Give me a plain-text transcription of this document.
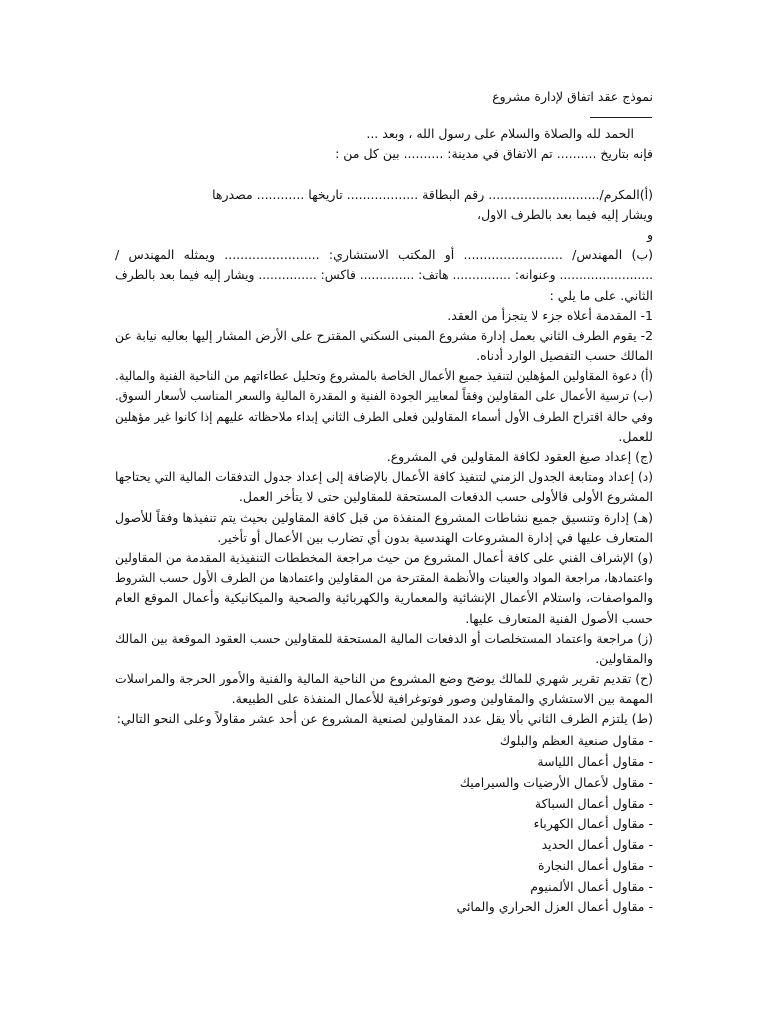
نموذج عقد اتفاق لإدارة مشروع
الحمد لله والصلاة والسلام على رسول الله ، وبعد ...
فإنه بتاريخ .......... تم الاتفاق في مدينة: .......... بين كل من :
(أ)المكرم/............................ رقم البطاقة .................. تاريخها ............ مصدرها
ويشار إليه فيما بعد بالطرف الاول،
و
(ب) المهندس/ ......................... أو المكتب الاستشاري: ........................ ويمثله المهندس /
........................ وعنوانه: ............... هاتف: .............. فاكس: ............... ويشار إليه فيما بعد بالطرف
الثاني. على ما يلي :
1- المقدمة أعلاه جزء لا يتجزأ من العقد.
2- يقوم الطرف الثاني بعمل إدارة مشروع المبنى السكني المقترح على الأرض المشار إليها بعاليه نيابة عن
المالك حسب التفصيل الوارد أدناه.
(أ) دعوة المقاولين المؤهلين لتنفيذ جميع الأعمال الخاصة بالمشروع وتحليل عطاءاتهم من الناحية الفنية والمالية.
(ب) ترسية الأعمال على المقاولين وفقاً لمعايير الجودة الفنية و المقدرة المالية والسعر المناسب لأسعار السوق.
وفي حالة اقتراح الطرف الأول أسماء المقاولين فعلى الطرف الثاني إبداء ملاحظاته عليهم إذا كانوا غير مؤهلين
للعمل.
(ج) إعداد صيغ العقود لكافة المقاولين في المشروع.
(د) إعداد ومتابعة الجدول الزمني لتنفيذ كافة الأعمال بالإضافة إلى إعداد جدول التدفقات المالية التي يحتاجها
المشروع الأولى فالأولى حسب الدفعات المستحقة للمقاولين حتى لا يتأخر العمل.
(هـ) إدارة وتنسيق جميع نشاطات المشروع المنفذة من قبل كافة المقاولين بحيث يتم تنفيذها وفقاً للأصول
المتعارف عليها في إدارة المشروعات الهندسية بدون أي تضارب بين الأعمال أو تأخير.
(و) الإشراف الفني على كافة أعمال المشروع من حيث مراجعة المخططات التنفيذية المقدمة من المقاولين
واعتمادها، مراجعة المواد والعينات والأنظمة المقترحة من المقاولين واعتمادها من الطرف الأول حسب الشروط
والمواصفات، واستلام الأعمال الإنشائية والمعمارية والكهربائية والصحية والميكانيكية وأعمال الموقع العام
حسب الأصول الفنية المتعارف عليها.
(ز) مراجعة واعتماد المستخلصات أو الدفعات المالية المستحقة للمقاولين حسب العقود الموقعة بين المالك
والمقاولين.
(ح) تقديم تقرير شهري للمالك يوضح وضع المشروع من الناحية المالية والفنية والأمور الحرجة والمراسلات
المهمة بين الاستشاري والمقاولين وصور فوتوغرافية للأعمال المنفذة على الطبيعة.
(ط) يلتزم الطرف الثاني بألا يقل عدد المقاولين لصنعية المشروع عن أحد عشر مقاولاً وعلى النحو التالي:
- مقاول صنعية العظم والبلوك
- مقاول أعمال اللياسة
- مقاول لأعمال الأرضيات والسيراميك
- مقاول أعمال السباكة
- مقاول أعمال الكهرباء
- مقاول أعمال الحديد
- مقاول أعمال النجارة
- مقاول أعمال الألمنيوم
- مقاول أعمال العزل الحراري والمائي
